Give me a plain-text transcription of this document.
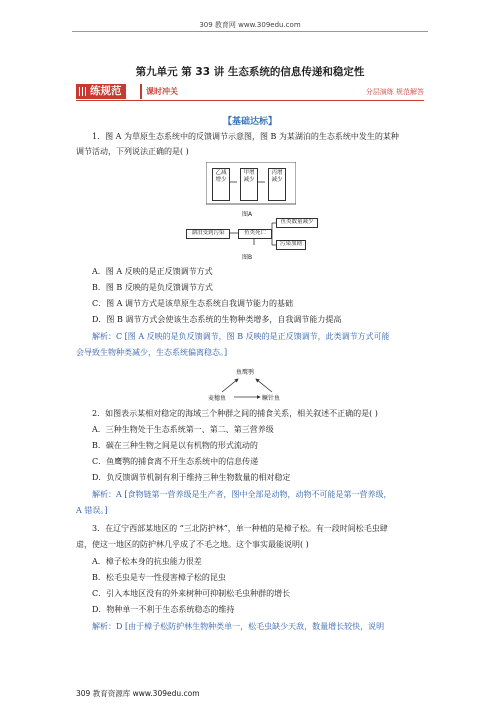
309 教育网 www.309edu.com
第九单元 第 33 讲 生态系统的信息传递和稳定性
练规范	课时冲关	分层演练 规范解答
【基础达标】
1．图 A 为草原生态系统中的反馈调节示意图，图 B 为某湖泊的生态系统中发生的某种
调节活动，下列说法正确的是( )
乙减增少
甲增减少
丙增减少
图A
鱼类数量减少
湖泊受到污染	鱼类死亡
污染加剧
图B
A．图 A 反映的是正反馈调节方式
B．图 B 反映的是负反馈调节方式
C．图 A 调节方式是该草原生态系统自我调节能力的基础
D．图 B 调节方式会使该生态系统的生物种类增多，自我调节能力提高
解析：C [图 A 反映的是负反馈调节，图 B 反映的是正反馈调节，此类调节方式可能
会导致生物种类减少，生态系统偏离稳态。]
鱼鹰鹗
麦穗鱼	鳜针鱼
2．如图表示某相对稳定的海域三个种群之间的捕食关系，相关叙述不正确的是( )
A．三种生物处于生态系统第一、第二、第三营养级
B．碳在三种生物之间是以有机物的形式流动的
C．鱼鹰鹗的捕食离不开生态系统中的信息传递
D．负反馈调节机制有利于维持三种生物数量的相对稳定
解析：A [食物链第一营养级是生产者，图中全部是动物，动物不可能是第一营养级，
A 错误。]
3．在辽宁西部某地区的 “三北防护林”，单一种植的是樟子松。有一段时间松毛虫肆
虐，使这一地区的防护林几乎成了不毛之地。这个事实最能说明( )
A．樟子松本身的抗虫能力很差
B．松毛虫是专一性侵害樟子松的昆虫
C．引入本地区没有的外来树种可抑制松毛虫种群的增长
D．物种单一不利于生态系统稳态的维持
解析：D [由于樟子松防护林生物种类单一，松毛虫缺少天敌，数量增长较快，说明
309 教育资源库 www.309edu.com
